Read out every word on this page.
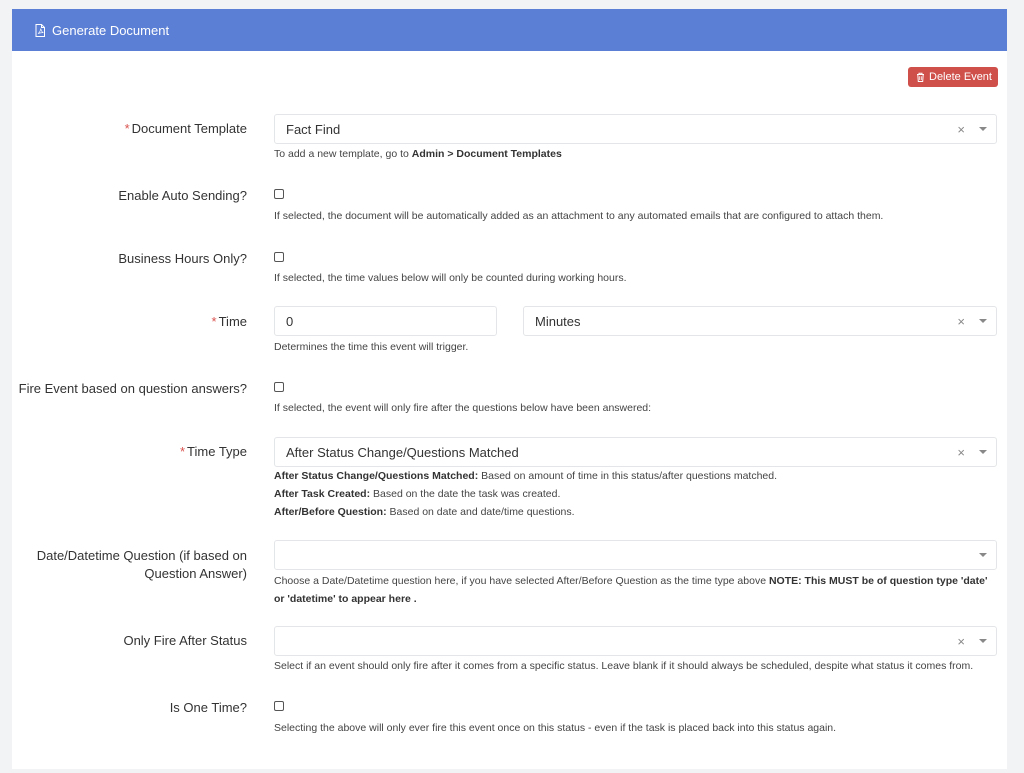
Generate Document
Delete Event
* Document Template	Fact Find	×
To add a new template, go to Admin > Document Templates
Enable Auto Sending?
If selected, the document will be automatically added as an attachment to any automated emails that are configured to attach them.
Business Hours Only?
If selected, the time values below will only be counted during working hours.
* Time	0	Minutes	×
Determines the time this event will trigger.
Fire Event based on question answers?
If selected, the event will only fire after the questions below have been answered:
* Time Type	After Status Change/Questions Matched	×
After Status Change/Questions Matched: Based on amount of time in this status/after questions matched.
After Task Created: Based on the date the task was created.
After/Before Question: Based on date and date/time questions.
Date/Datetime Question (if based on
Question Answer)	Choose a Date/Datetime question here, if you have selected After/Before Question as the time type above NOTE: This MUST be of question type 'date'
or 'datetime' to appear here .
Only Fire After Status	×
Select if an event should only fire after it comes from a specific status. Leave blank if it should always be scheduled, despite what status it comes from.
Is One Time?
Selecting the above will only ever fire this event once on this status - even if the task is placed back into this status again.
